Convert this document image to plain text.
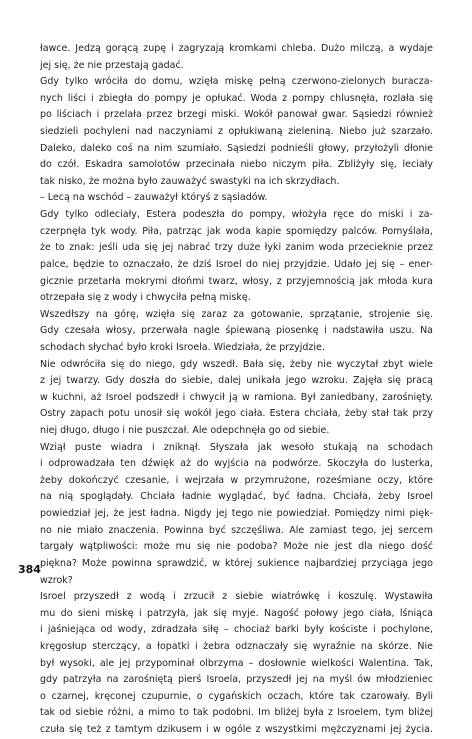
ławce. Jedzą gorącą zupę i zagryzają kromkami chleba. Dużo milczą, a wydaje
jej się, że nie przestają gadać.
Gdy tylko wróciła do domu, wzięła miskę pełną czerwono-zielonych buracza-
nych liści i zbiegła do pompy je opłukać. Woda z pompy chlusnęła, rozlała się
po liściach i przelała przez brzegi miski. Wokół panował gwar. Sąsiedzi również
siedzieli pochyleni nad naczyniami z opłukiwaną zieleniną. Niebo już szarzało.
Daleko, daleko coś na nim szumiało. Sąsiedzi podnieśli głowy, przyłożyli dłonie
do czół. Eskadra samolotów przecinała niebo niczym piła. Zbliżyły się, leciały
tak nisko, że można było zauważyć swastyki na ich skrzydłach.
– Lecą na wschód – zauważył któryś z sąsiadów.
Gdy tylko odleciały, Estera podeszła do pompy, włożyła ręce do miski i za-
czerpnęła tyk wody. Piła, patrząc jak woda kapie spomiędzy palców. Pomyślała,
że to znak: jeśli uda się jej nabrać trzy duże łyki zanim woda przecieknie przez
palce, będzie to oznaczało, że dziś Isroel do niej przyjdzie. Udało jej się – ener-
gicznie przetarła mokrymi dłońmi twarz, włosy, z przyjemnością jak młoda kura
otrzepała się z wody i chwyciła pełną miskę.
Wszedłszy na górę, wzięła się zaraz za gotowanie, sprzątanie, strojenie się.
Gdy czesała włosy, przerwała nagle śpiewaną piosenkę i nadstawiła uszu. Na
schodach słychać było kroki Isroela. Wiedziała, że przyjdzie.
Nie odwróciła się do niego, gdy wszedł. Bała się, żeby nie wyczytał zbyt wiele
z jej twarzy. Gdy doszła do siebie, dalej unikała jego wzroku. Zajęła się pracą
w kuchni, aż Isroel podszedł i chwycił ją w ramiona. Był zaniedbany, zarośnięty.
Ostry zapach potu unosił się wokół jego ciała. Estera chciała, żeby stał tak przy
niej długo, długo i nie puszczał. Ale odepchnęła go od siebie.
Wziął puste wiadra i zniknął. Słyszała jak wesoło stukają na schodach
i odprowadzała ten dźwięk aż do wyjścia na podwórze. Skoczyła do lusterka,
żeby dokończyć czesanie, i wejrzała w przymrużone, roześmiane oczy, które
na nią spoglądały. Chciała ładnie wyglądać, być ładna. Chciała, żeby Isroel
powiedział jej, że jest ładna. Nigdy jej tego nie powiedział. Pomiędzy nimi pięk-
no nie miało znaczenia. Powinna być szczęśliwa. Ale zamiast tego, jej sercem
targały wątpliwości: może mu się nie podoba? Może nie jest dla niego dość
piękna? Może powinna sprawdzić, w której sukience najbardziej przyciąga jego
wzrok?
Isroel przyszedł z wodą i zrzucił z siebie wiatrówkę i koszulę. Wystawiła
mu do sieni miskę i patrzyła, jak się myje. Nagość połowy jego ciała, lśniąca
i jaśniejąca od wody, zdradzała siłę – chociaż barki były kościste i pochylone,
kręgosłup sterczący, a łopatki i żebra odznaczały się wyraźnie na skórze. Nie
był wysoki, ale jej przypominał olbrzyma – dosłownie wielkości Walentina. Tak,
gdy patrzyła na zarośniętą pierś Isroela, przyszedł jej na myśl ów młodzieniec
o czarnej, kręconej czupurnie, o cygańskich oczach, które tak czarowały. Byli
tak od siebie różni, a mimo to tak podobni. Im bliżej była z Isroelem, tym bliżej
czuła się też z tamtym dzikusem i w ogóle z wszystkimi mężczyznami jej życia.
384
